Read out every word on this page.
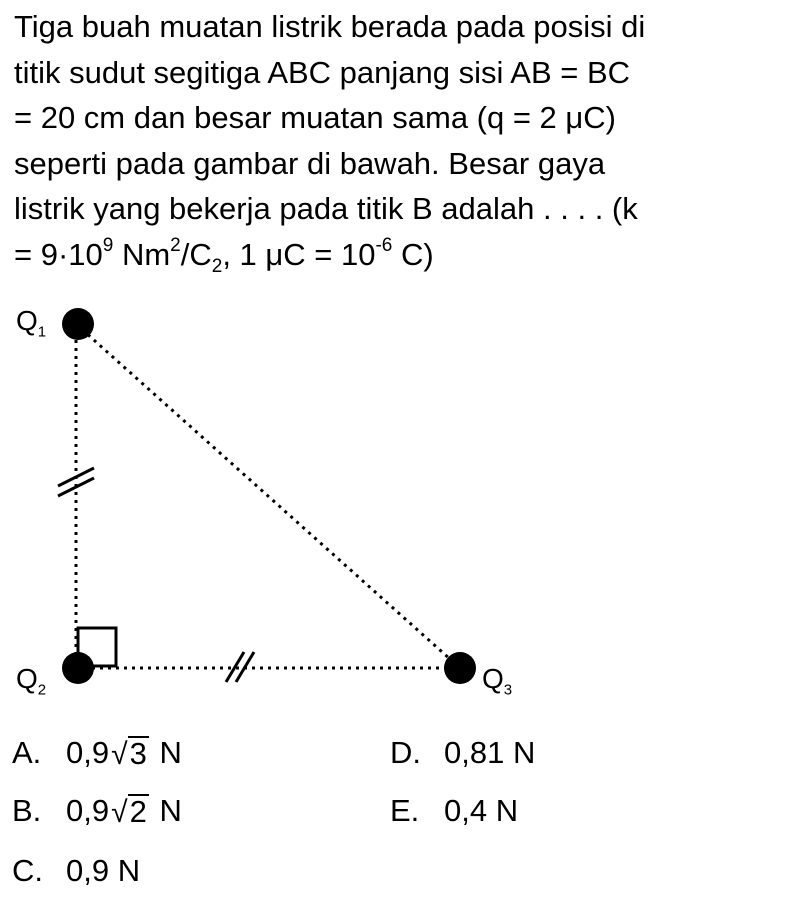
Tiga buah muatan listrik berada pada posisi di

titik sudut segitiga ABC panjang sisi AB = BC

= 20 cm dan besar muatan sama (q = 2 μC)

seperti pada gambar di bawah. Besar gaya

listrik yang bekerja pada titik B adalah . . . . (k

= $9\cdot 10^9$ $Nm^2/C_2$, 1 $\mu C = 10^{-6}$ C)

$Q_1$
$Q_2$	$Q_3$
A. 0,9 √ 3
N
B. 0,9 √ 2
N
C. 0,9 N
D. 0,81 N
E. 0,4 N
